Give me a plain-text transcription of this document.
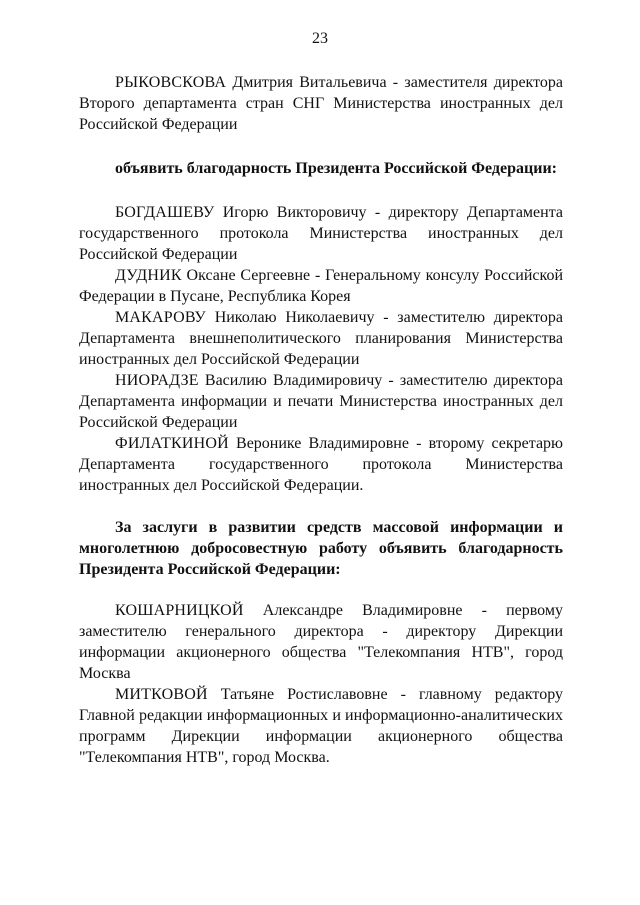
23

РЫКОВСКОВА Дмитрия Витальевича - заместителя директора Второго департамента стран СНГ Министерства иностранных дел Российской Федерации

объявить благодарность Президента Российской Федерации:

БОГДАШЕВУ Игорю Викторовичу - директору Департамента государственного протокола Министерства иностранных дел Российской Федерации

ДУДНИК Оксане Сергеевне - Генеральному консулу Российской Федерации в Пусане, Республика Корея

МАКАРОВУ Николаю Николаевичу - заместителю директора Департамента внешнеполитического планирования Министерства иностранных дел Российской Федерации

НИОРАДЗЕ Василию Владимировичу - заместителю директора Департамента информации и печати Министерства иностранных дел Российской Федерации

ФИЛАТКИНОЙ Веронике Владимировне - второму секретарю Департамента государственного протокола Министерства иностранных дел Российской Федерации.

За заслуги в развитии средств массовой информации и многолетнюю добросовестную работу объявить благодарность Президента Российской Федерации:

КОШАРНИЦКОЙ Александре Владимировне - первому заместителю генерального директора - директору Дирекции информации акционерного общества "Телекомпания НТВ", город Москва

МИТКОВОЙ Татьяне Ростиславовне - главному редактору Главной редакции информационных и информационно-аналитических программ Дирекции информации акционерного общества "Телекомпания НТВ", город Москва.
